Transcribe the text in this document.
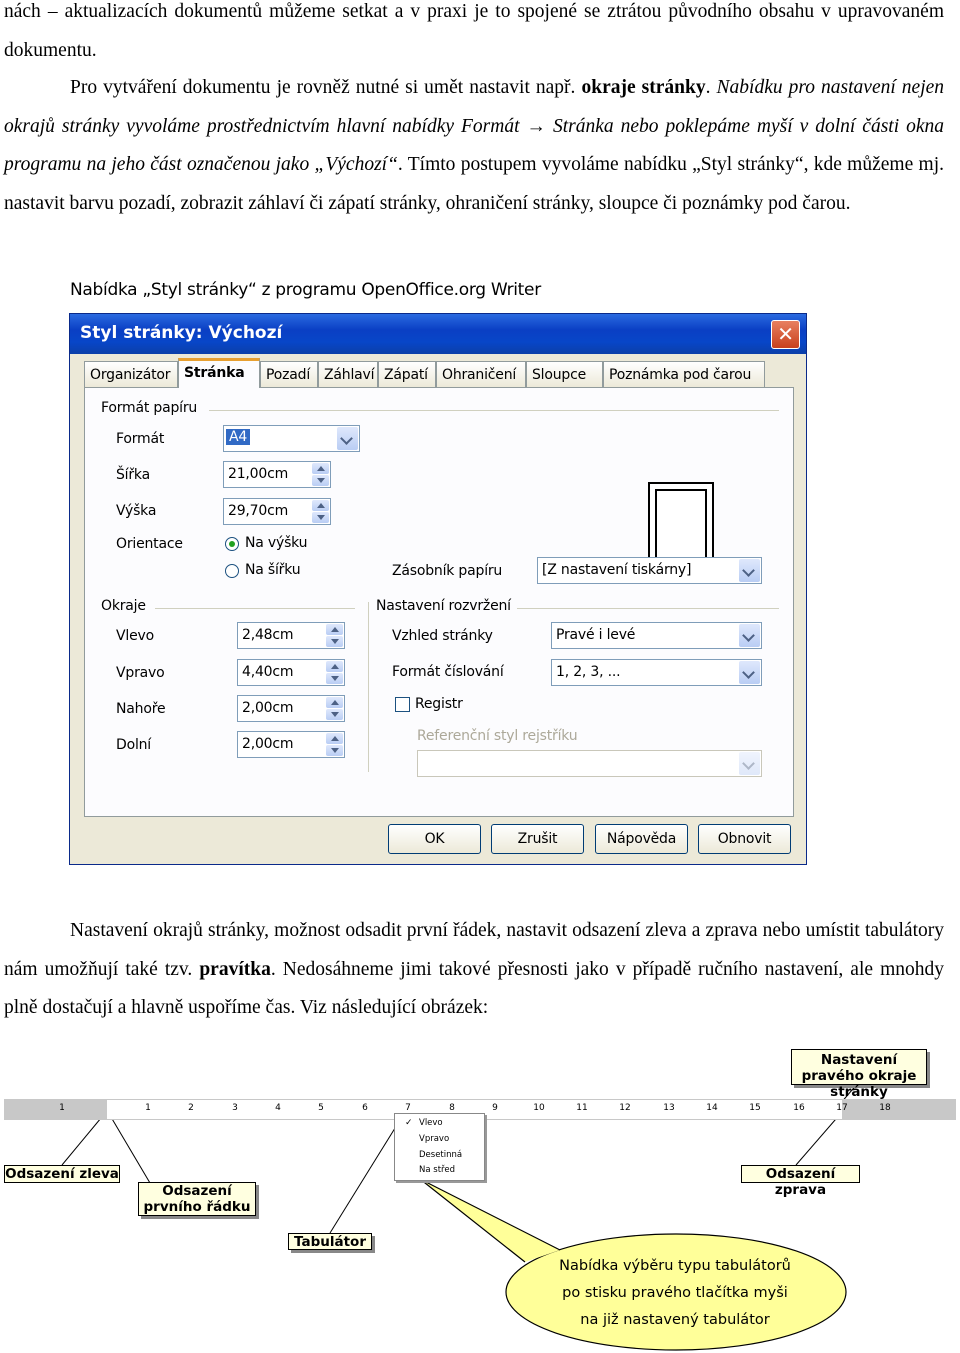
nách – aktualizacích dokumentů můžeme setkat a v praxi je to spojené se ztrátou původního obsahu v upravovaném dokumentu.

Pro vytváření dokumentu je rovněž nutné si umět nastavit např. okraje stránky. Nabídku pro nastavení nejen okrajů stránky vyvoláme prostřednictvím hlavní nabídky Formát → Stránka nebo poklepáme myší v dolní části okna programu na jeho část označenou jako „Výchozí“. Tímto postupem vyvoláme nabídku „Styl stránky“, kde můžeme mj. nastavit barvu pozadí, zobrazit záhlaví či zápatí stránky, ohraničení stránky, sloupce či poznámky pod čarou.

Nabídka „Styl stránky“ z programu OpenOffice.org Writer
Styl stránky: Výchozí	✕
Organizátor Stránka	Pozadí Záhlaví Zápatí	Ohraničení	Sloupce	Poznámka pod čarou
Formát papíru
Formát	A4
Šířka	21,00cm
Výška	29,70cm
Orientace	Na výšku
Na šířku	Zásobník papíru	[Z nastavení tiskárny]
Okraje
Vlevo	2,48cm
Vpravo	4,40cm
Nahoře	2,00cm
Dolní	2,00cm
Nastavení rozvržení
Vzhled stránky	Pravé i levé
Formát číslování	1, 2, 3, ...
Registr
Referenční styl rejstříku
OK	Zrušit	Nápověda	Obnovit

Nastavení okrajů stránky, možnost odsadit první řádek, nastavit odsazení zleva a zprava nebo umístit tabulátory nám umožňují také tzv. pravítka. Nedosáhneme jimi takové přesnosti jako v případě ručního nastavení, ale mnohdy plně dostačují a hlavně uspoříme čas. Viz následující obrázek:

1	1	2	3	4	5	6	7	8	9	10	11	12	13	14	15	16	17	18
✓ Vlevo
Vpravo
Desetinná
Na střed
Nastavení pravého okraje stránky
Odsazení zleva
Odsazení prvního řádku
Tabulátor
Odsazení zprava
Nabídka výběru typu tabulátorů
po stisku pravého tlačítka myši
na již nastavený tabulátor
